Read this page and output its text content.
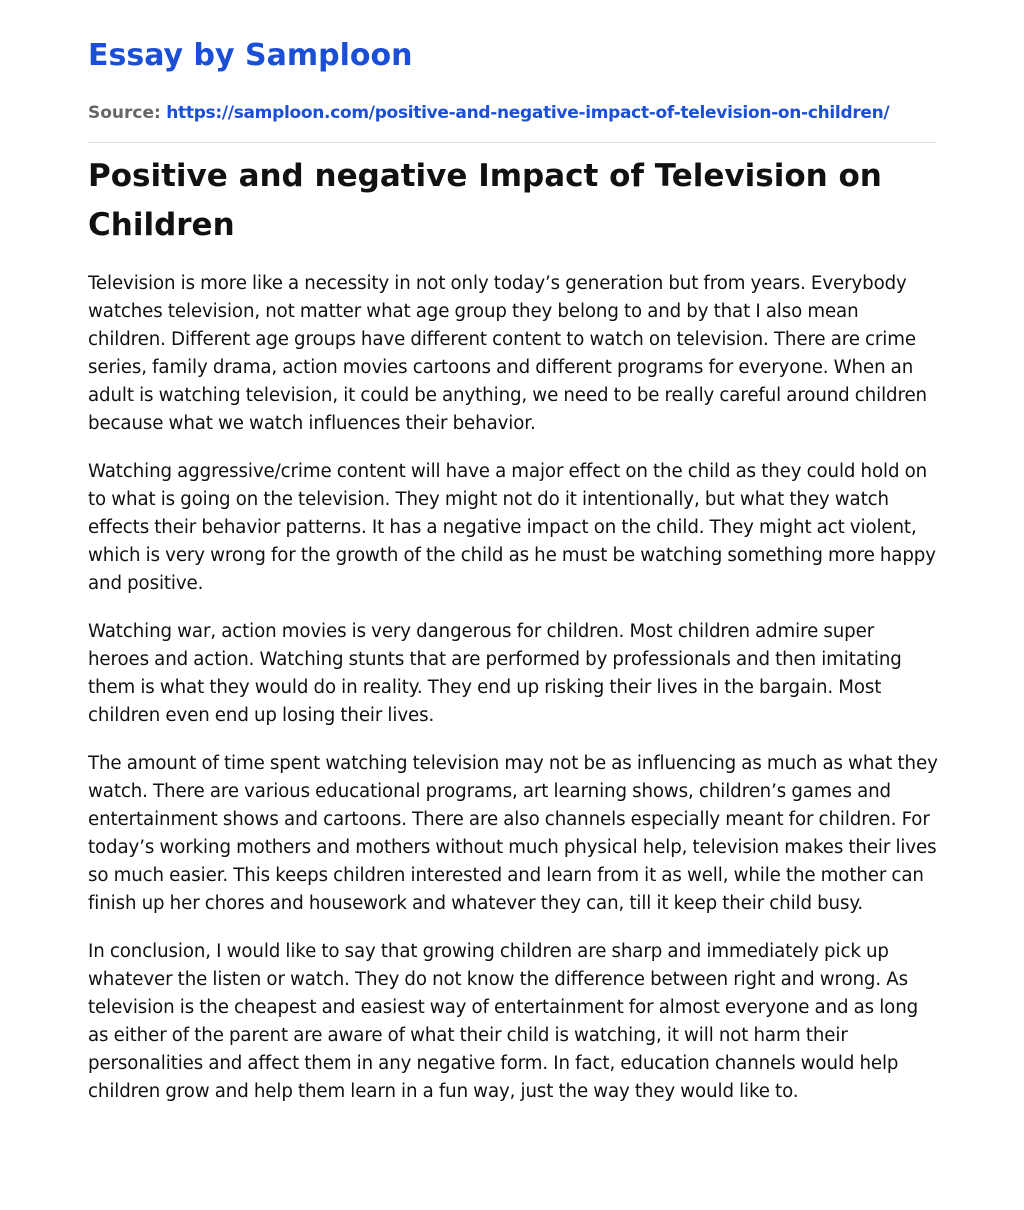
Essay by Samploon
Source: https://samploon.com/positive-and-negative-impact-of-television-on-children/
Positive and negative Impact of Television on Children

Television is more like a necessity in not only today’s generation but from years. Everybody watches television, not matter what age group they belong to and by that I also mean children. Different age groups have different content to watch on television. There are crime series, family drama, action movies cartoons and different programs for everyone. When an adult is watching television, it could be anything, we need to be really careful around children because what we watch influences their behavior.

Watching aggressive/crime content will have a major effect on the child as they could hold on to what is going on the television. They might not do it intentionally, but what they watch effects their behavior patterns. It has a negative impact on the child. They might act violent, which is very wrong for the growth of the child as he must be watching something more happy and positive.

Watching war, action movies is very dangerous for children. Most children admire super heroes and action. Watching stunts that are performed by professionals and then imitating them is what they would do in reality. They end up risking their lives in the bargain. Most children even end up losing their lives.

The amount of time spent watching television may not be as influencing as much as what they watch. There are various educational programs, art learning shows, children’s games and entertainment shows and cartoons. There are also channels especially meant for children. For today’s working mothers and mothers without much physical help, television makes their lives so much easier. This keeps children interested and learn from it as well, while the mother can finish up her chores and housework and whatever they can, till it keep their child busy.

In conclusion, I would like to say that growing children are sharp and immediately pick up whatever the listen or watch. They do not know the difference between right and wrong. As television is the cheapest and easiest way of entertainment for almost everyone and as long as either of the parent are aware of what their child is watching, it will not harm their personalities and affect them in any negative form. In fact, education channels would help children grow and help them learn in a fun way, just the way they would like to.
